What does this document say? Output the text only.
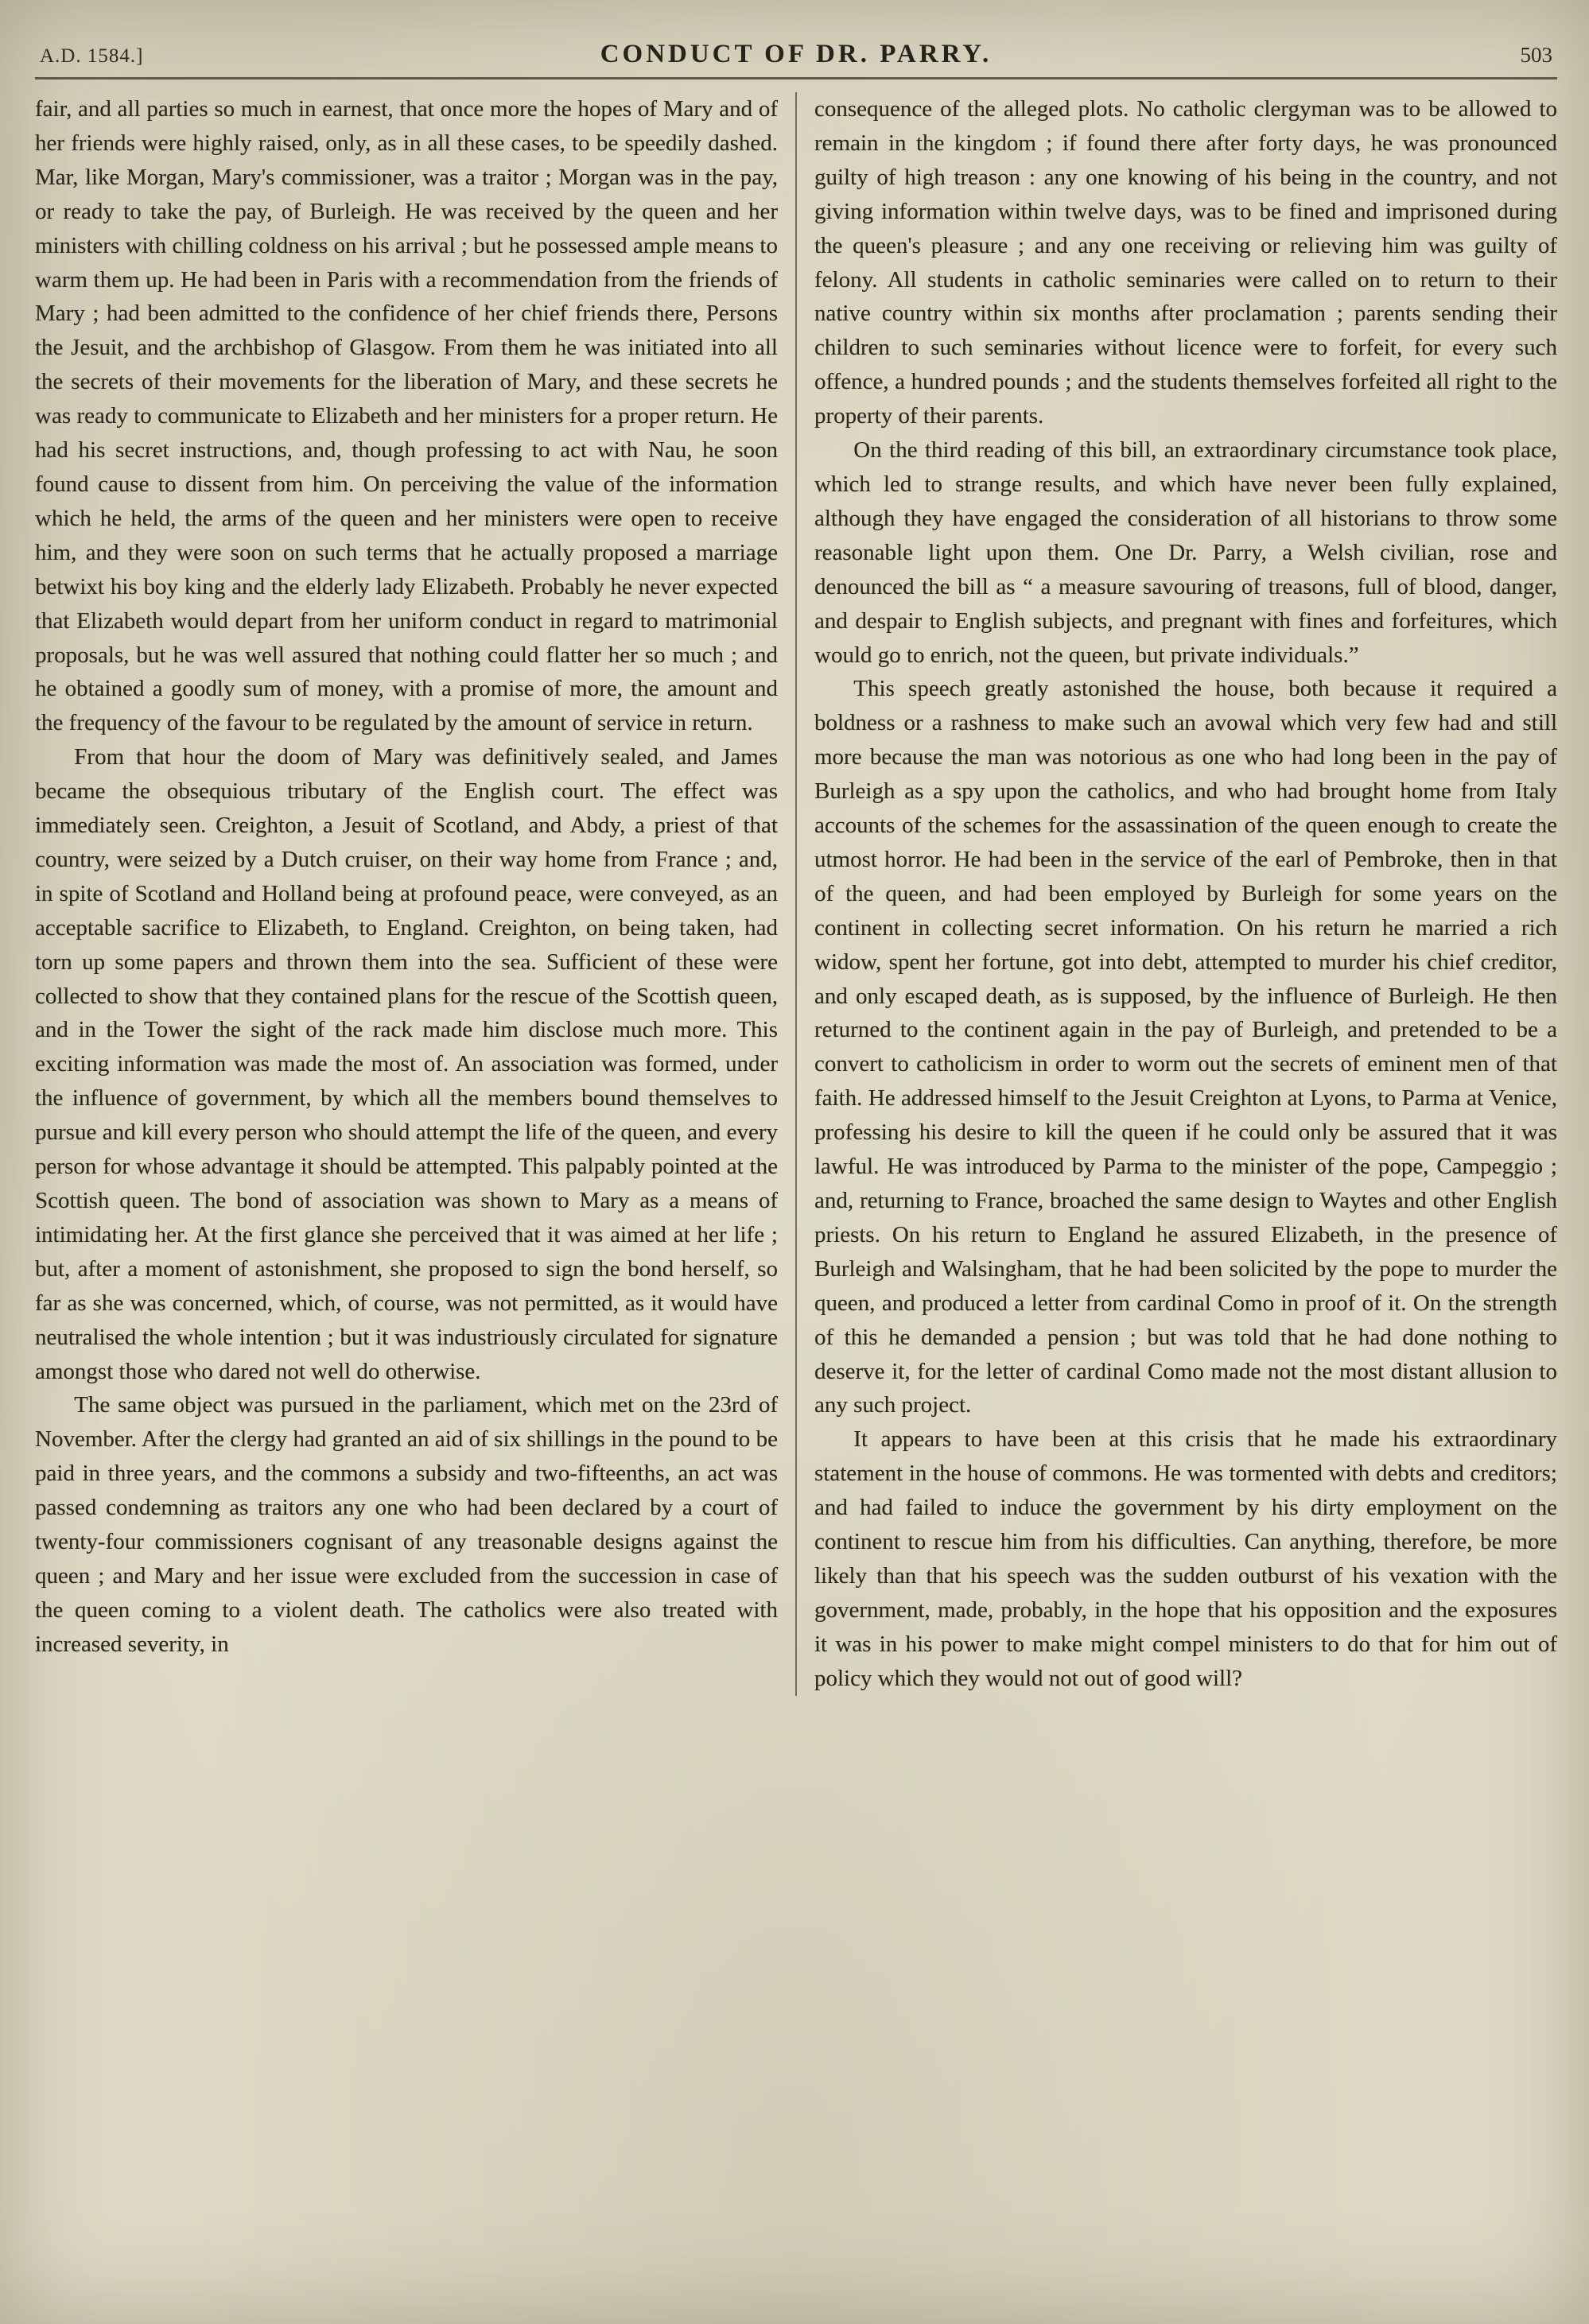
A.D. 1584.]	CONDUCT OF DR. PARRY.	503

fair, and all parties so much in earnest, that once more the hopes of Mary and of her friends were highly raised, only, as in all these cases, to be speedily dashed. Mar, like Morgan, Mary's commissioner, was a traitor ; Morgan was in the pay, or ready to take the pay, of Burleigh. He was received by the queen and her ministers with chilling coldness on his arrival ; but he possessed ample means to warm them up. He had been in Paris with a recommendation from the friends of Mary ; had been admitted to the confidence of her chief friends there, Persons the Jesuit, and the archbishop of Glasgow. From them he was initiated into all the secrets of their movements for the liberation of Mary, and these secrets he was ready to communicate to Elizabeth and her ministers for a proper return. He had his secret instructions, and, though professing to act with Nau, he soon found cause to dissent from him. On perceiving the value of the information which he held, the arms of the queen and her ministers were open to receive him, and they were soon on such terms that he actually proposed a marriage betwixt his boy king and the elderly lady Elizabeth. Probably he never expected that Elizabeth would depart from her uniform conduct in regard to matrimonial proposals, but he was well assured that nothing could flatter her so much ; and he obtained a goodly sum of money, with a promise of more, the amount and the frequency of the favour to be regulated by the amount of service in return.

From that hour the doom of Mary was definitively sealed, and James became the obsequious tributary of the English court. The effect was immediately seen. Creighton, a Jesuit of Scotland, and Abdy, a priest of that country, were seized by a Dutch cruiser, on their way home from France ; and, in spite of Scotland and Holland being at profound peace, were conveyed, as an acceptable sacrifice to Elizabeth, to England. Creighton, on being taken, had torn up some papers and thrown them into the sea. Sufficient of these were collected to show that they contained plans for the rescue of the Scottish queen, and in the Tower the sight of the rack made him disclose much more. This exciting information was made the most of. An association was formed, under the influence of government, by which all the members bound themselves to pursue and kill every person who should attempt the life of the queen, and every person for whose advantage it should be attempted. This palpably pointed at the Scottish queen. The bond of association was shown to Mary as a means of intimidating her. At the first glance she perceived that it was aimed at her life ; but, after a moment of astonishment, she proposed to sign the bond herself, so far as she was concerned, which, of course, was not permitted, as it would have neutralised the whole intention ; but it was industriously circulated for signature amongst those who dared not well do otherwise.

The same object was pursued in the parliament, which met on the 23rd of November. After the clergy had granted an aid of six shillings in the pound to be paid in three years, and the commons a subsidy and two-fifteenths, an act was passed condemning as traitors any one who had been declared by a court of twenty-four commissioners cognisant of any treasonable designs against the queen ; and Mary and her issue were excluded from the succession in case of the queen coming to a violent death. The catholics were also treated with increased severity, in

consequence of the alleged plots. No catholic clergyman was to be allowed to remain in the kingdom ; if found there after forty days, he was pronounced guilty of high treason : any one knowing of his being in the country, and not giving information within twelve days, was to be fined and imprisoned during the queen's pleasure ; and any one receiving or relieving him was guilty of felony. All students in catholic seminaries were called on to return to their native country within six months after proclamation ; parents sending their children to such seminaries without licence were to forfeit, for every such offence, a hundred pounds ; and the students themselves forfeited all right to the property of their parents.

On the third reading of this bill, an extraordinary circumstance took place, which led to strange results, and which have never been fully explained, although they have engaged the consideration of all historians to throw some reasonable light upon them. One Dr. Parry, a Welsh civilian, rose and denounced the bill as “ a measure savouring of treasons, full of blood, danger, and despair to English subjects, and pregnant with fines and forfeitures, which would go to enrich, not the queen, but private individuals.”

This speech greatly astonished the house, both because it required a boldness or a rashness to make such an avowal which very few had and still more because the man was notorious as one who had long been in the pay of Burleigh as a spy upon the catholics, and who had brought home from Italy accounts of the schemes for the assassination of the queen enough to create the utmost horror. He had been in the service of the earl of Pembroke, then in that of the queen, and had been employed by Burleigh for some years on the continent in collecting secret information. On his return he married a rich widow, spent her fortune, got into debt, attempted to murder his chief creditor, and only escaped death, as is supposed, by the influence of Burleigh. He then returned to the continent again in the pay of Burleigh, and pretended to be a convert to catholicism in order to worm out the secrets of eminent men of that faith. He addressed himself to the Jesuit Creighton at Lyons, to Parma at Venice, professing his desire to kill the queen if he could only be assured that it was lawful. He was introduced by Parma to the minister of the pope, Campeggio ; and, returning to France, broached the same design to Waytes and other English priests. On his return to England he assured Elizabeth, in the presence of Burleigh and Walsingham, that he had been solicited by the pope to murder the queen, and produced a letter from cardinal Como in proof of it. On the strength of this he demanded a pension ; but was told that he had done nothing to deserve it, for the letter of cardinal Como made not the most distant allusion to any such project.

It appears to have been at this crisis that he made his extraordinary statement in the house of commons. He was tormented with debts and creditors; and had failed to induce the government by his dirty employment on the continent to rescue him from his difficulties. Can anything, therefore, be more likely than that his speech was the sudden outburst of his vexation with the government, made, probably, in the hope that his opposition and the exposures it was in his power to make might compel ministers to do that for him out of policy which they would not out of good will?
